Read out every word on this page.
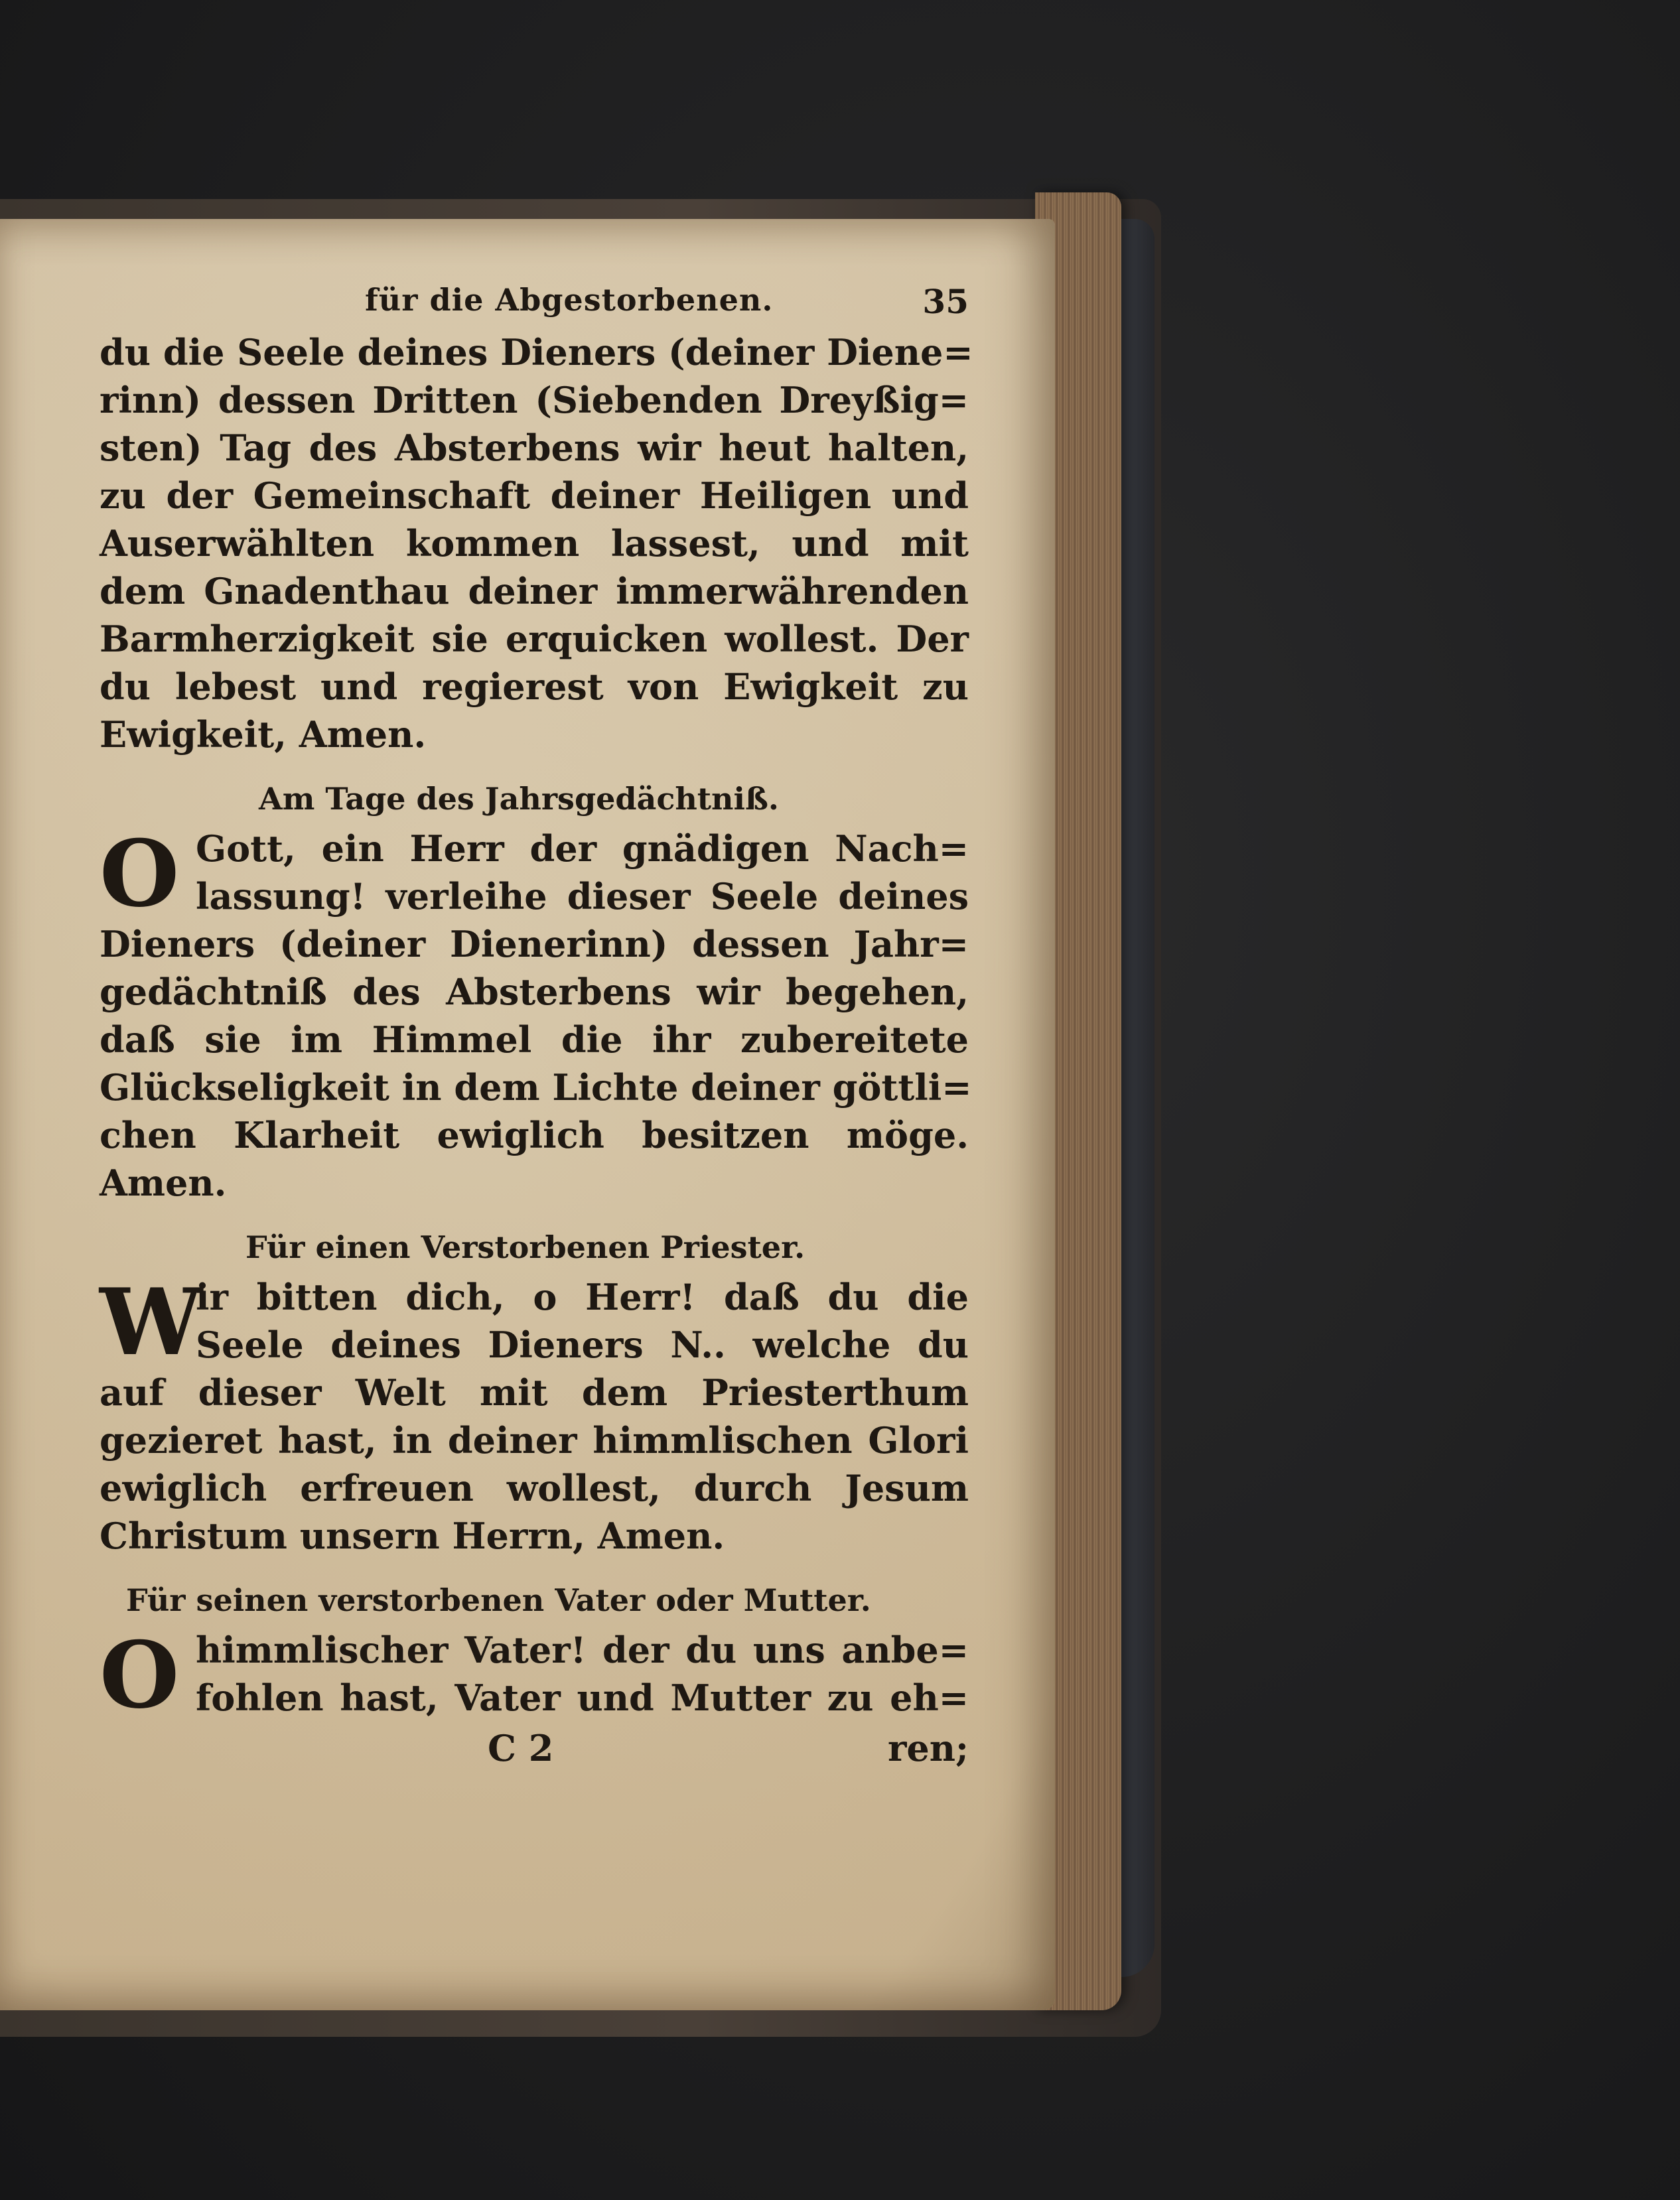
für die Abgestorbenen.	35
du die Seele deines Dieners (deiner Diene=
rinn) dessen Dritten (Siebenden Dreyßig=
sten) Tag des Absterbens wir heut halten,
zu der Gemeinschaft deiner Heiligen und
Auserwählten kommen lassest, und mit
dem Gnadenthau deiner immerwährenden
Barmherzigkeit sie erquicken wollest. Der
du lebest und regierest von Ewigkeit zu
Ewigkeit, Amen.
Am Tage des Jahrsgedächtniß.
O Gott, ein Herr der gnädigen Nach=
lassung! verleihe dieser Seele deines
Dieners (deiner Dienerinn) dessen Jahr=
gedächtniß des Absterbens wir begehen,
daß sie im Himmel die ihr zubereitete
Glückseligkeit in dem Lichte deiner göttli=
chen Klarheit ewiglich besitzen möge.
Amen.
Für einen Verstorbenen Priester.
W
ir bitten dich, o Herr! daß du die
Seele deines Dieners N.. welche du
auf dieser Welt mit dem Priesterthum
gezieret hast, in deiner himmlischen Glori
ewiglich erfreuen wollest, durch Jesum
Christum unsern Herrn, Amen.
Für seinen verstorbenen Vater oder Mutter.
O himmlischer Vater! der du uns anbe=
fohlen hast, Vater und Mutter zu eh=
C 2	ren;
